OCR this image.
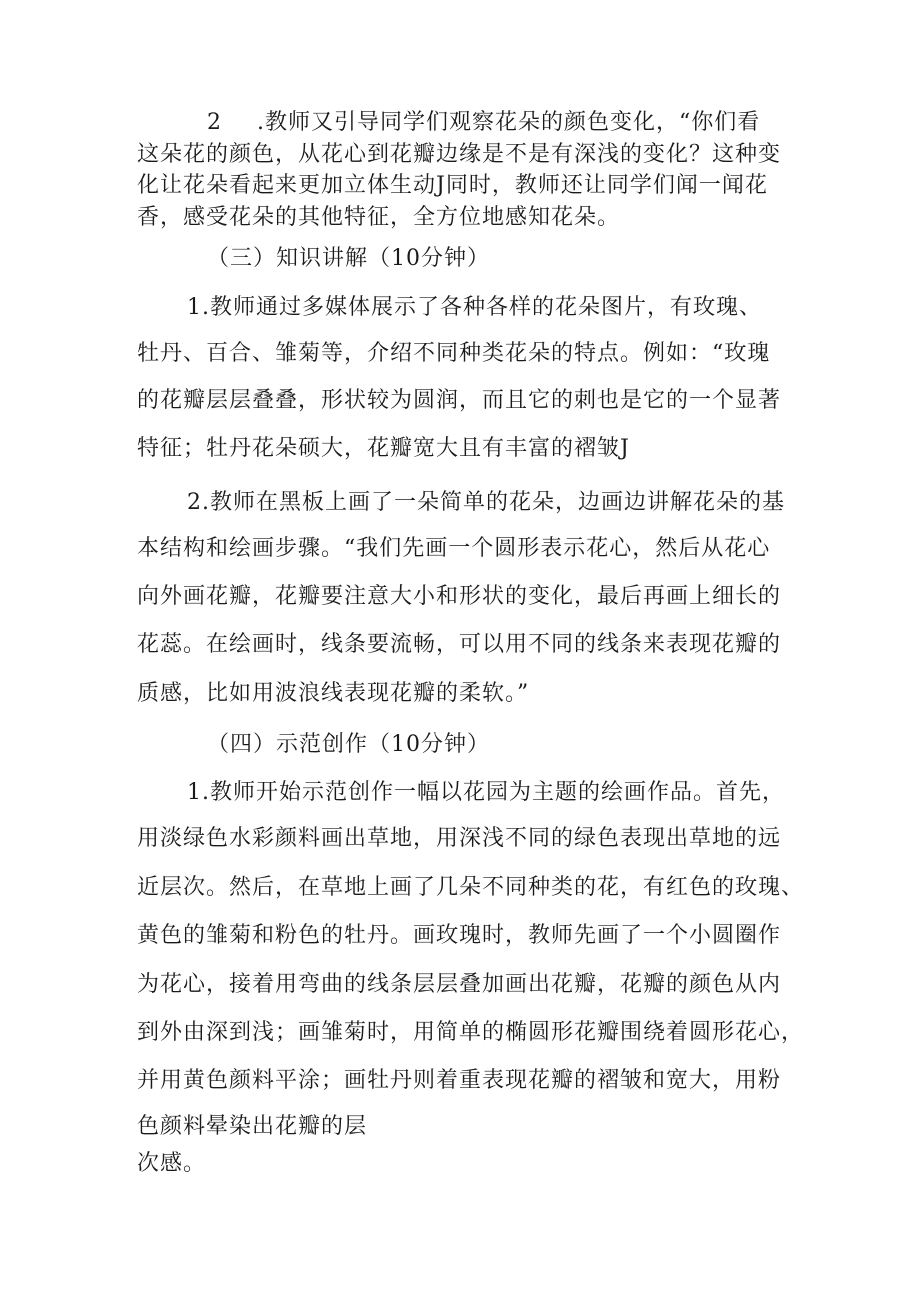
2 .教师又引导同学们观察花朵的颜色变化，“你们看
这朵花的颜色，从花心到花瓣边缘是不是有深浅的变化？这种变
化让花朵看起来更加立体生动J同时，教师还让同学们闻一闻花
香，感受花朵的其他特征，全方位地感知花朵。
（三）知识讲解（10分钟）
1.教师通过多媒体展示了各种各样的花朵图片，有玫瑰、
牡丹、百合、雏菊等，介绍不同种类花朵的特点。例如：“玫瑰
的花瓣层层叠叠，形状较为圆润，而且它的刺也是它的一个显著
特征；牡丹花朵硕大，花瓣宽大且有丰富的褶皱J
2.教师在黑板上画了一朵简单的花朵，边画边讲解花朵的基
本结构和绘画步骤。“我们先画一个圆形表示花心，然后从花心
向外画花瓣，花瓣要注意大小和形状的变化，最后再画上细长的
花蕊。在绘画时，线条要流畅，可以用不同的线条来表现花瓣的
质感，比如用波浪线表现花瓣的柔软。”
（四）示范创作（10分钟）
1.教师开始示范创作一幅以花园为主题的绘画作品。首先，
用淡绿色水彩颜料画出草地，用深浅不同的绿色表现出草地的远
近层次。然后，在草地上画了几朵不同种类的花，有红色的玫瑰、
黄色的雏菊和粉色的牡丹。画玫瑰时，教师先画了一个小圆圈作
为花心，接着用弯曲的线条层层叠加画出花瓣，花瓣的颜色从内
到外由深到浅；画雏菊时，用简单的椭圆形花瓣围绕着圆形花心，
并用黄色颜料平涂；画牡丹则着重表现花瓣的褶皱和宽大，用粉
色颜料晕染出花瓣的层
次感。
